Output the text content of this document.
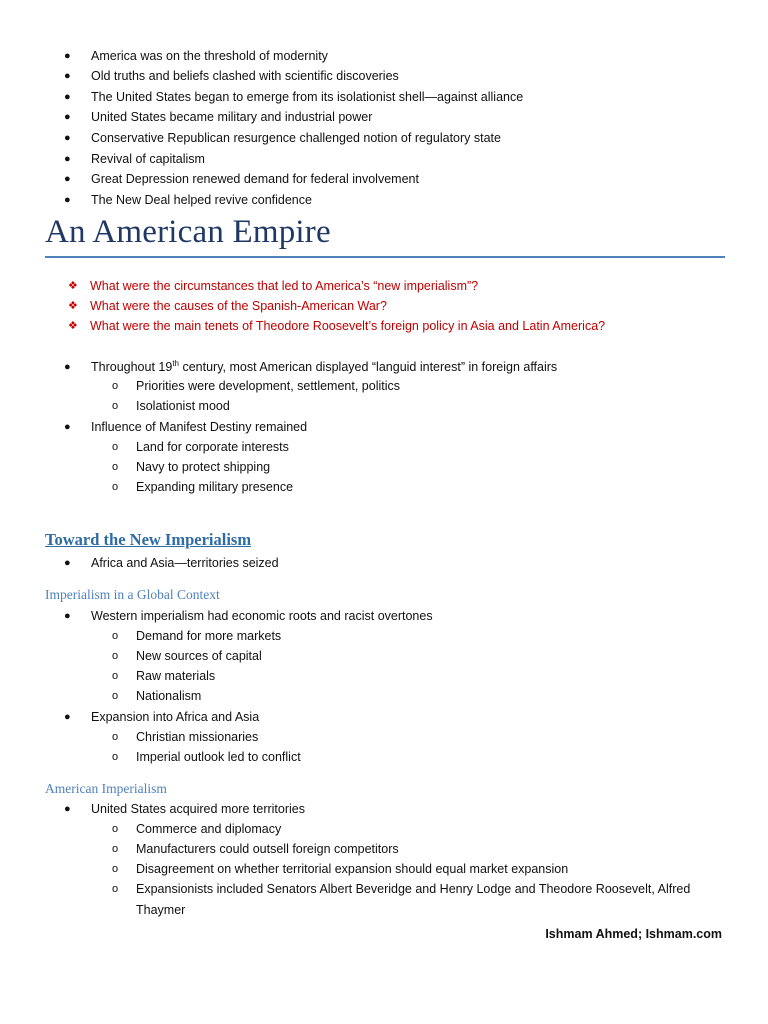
● America was on the threshold of modernity
● Old truths and beliefs clashed with scientific discoveries
● The United States began to emerge from its isolationist shell—against alliance
● United States became military and industrial power
● Conservative Republican resurgence challenged notion of regulatory state
● Revival of capitalism
● Great Depression renewed demand for federal involvement
● The New Deal helped revive confidence
An American Empire
❖ What were the circumstances that led to America’s “new imperialism”?
❖ What were the causes of the Spanish-American War?
❖ What were the main tenets of Theodore Roosevelt’s foreign policy in Asia and Latin America?
● Throughout 19th century, most American displayed “languid interest” in foreign affairs
o Priorities were development, settlement, politics
o Isolationist mood
● Influence of Manifest Destiny remained
o Land for corporate interests
o Navy to protect shipping
o Expanding military presence
Toward the New Imperialism
● Africa and Asia—territories seized
Imperialism in a Global Context
● Western imperialism had economic roots and racist overtones
o Demand for more markets
o New sources of capital
o Raw materials
o Nationalism
● Expansion into Africa and Asia
o Christian missionaries
o Imperial outlook led to conflict
American Imperialism
● United States acquired more territories
o Commerce and diplomacy
o Manufacturers could outsell foreign competitors
o Disagreement on whether territorial expansion should equal market expansion
o Expansionists included Senators Albert Beveridge and Henry Lodge and Theodore Roosevelt, Alfred
Thaymer
Ishmam Ahmed; Ishmam.com
